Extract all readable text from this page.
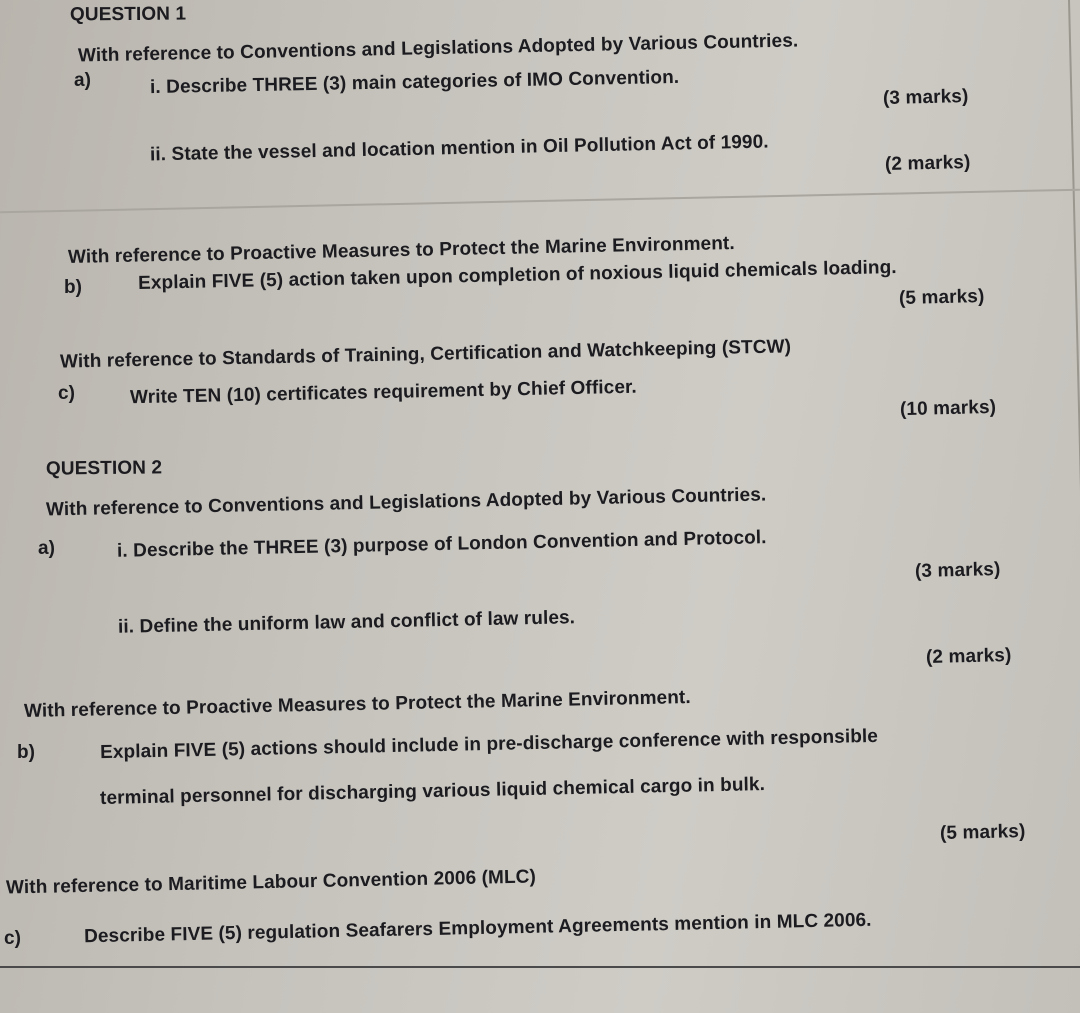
QUESTION 1
With reference to Conventions and Legislations Adopted by Various Countries.
a)	i. Describe THREE (3) main categories of IMO Convention.	(3 marks)
ii. State the vessel and location mention in Oil Pollution Act of 1990.	(2 marks)
With reference to Proactive Measures to Protect the Marine Environment.
b)	Explain FIVE (5) action taken upon completion of noxious liquid chemicals loading.
(5 marks)
With reference to Standards of Training, Certification and Watchkeeping (STCW)
c)	Write TEN (10) certificates requirement by Chief Officer.
(10 marks)
QUESTION 2
With reference to Conventions and Legislations Adopted by Various Countries.
a)	i. Describe the THREE (3) purpose of London Convention and Protocol.
(3 marks)
ii. Define the uniform law and conflict of law rules.
(2 marks)
With reference to Proactive Measures to Protect the Marine Environment.
b)	Explain FIVE (5) actions should include in pre-discharge conference with responsible
terminal personnel for discharging various liquid chemical cargo in bulk.
(5 marks)
With reference to Maritime Labour Convention 2006 (MLC)
c)	Describe FIVE (5) regulation Seafarers Employment Agreements mention in MLC 2006.
